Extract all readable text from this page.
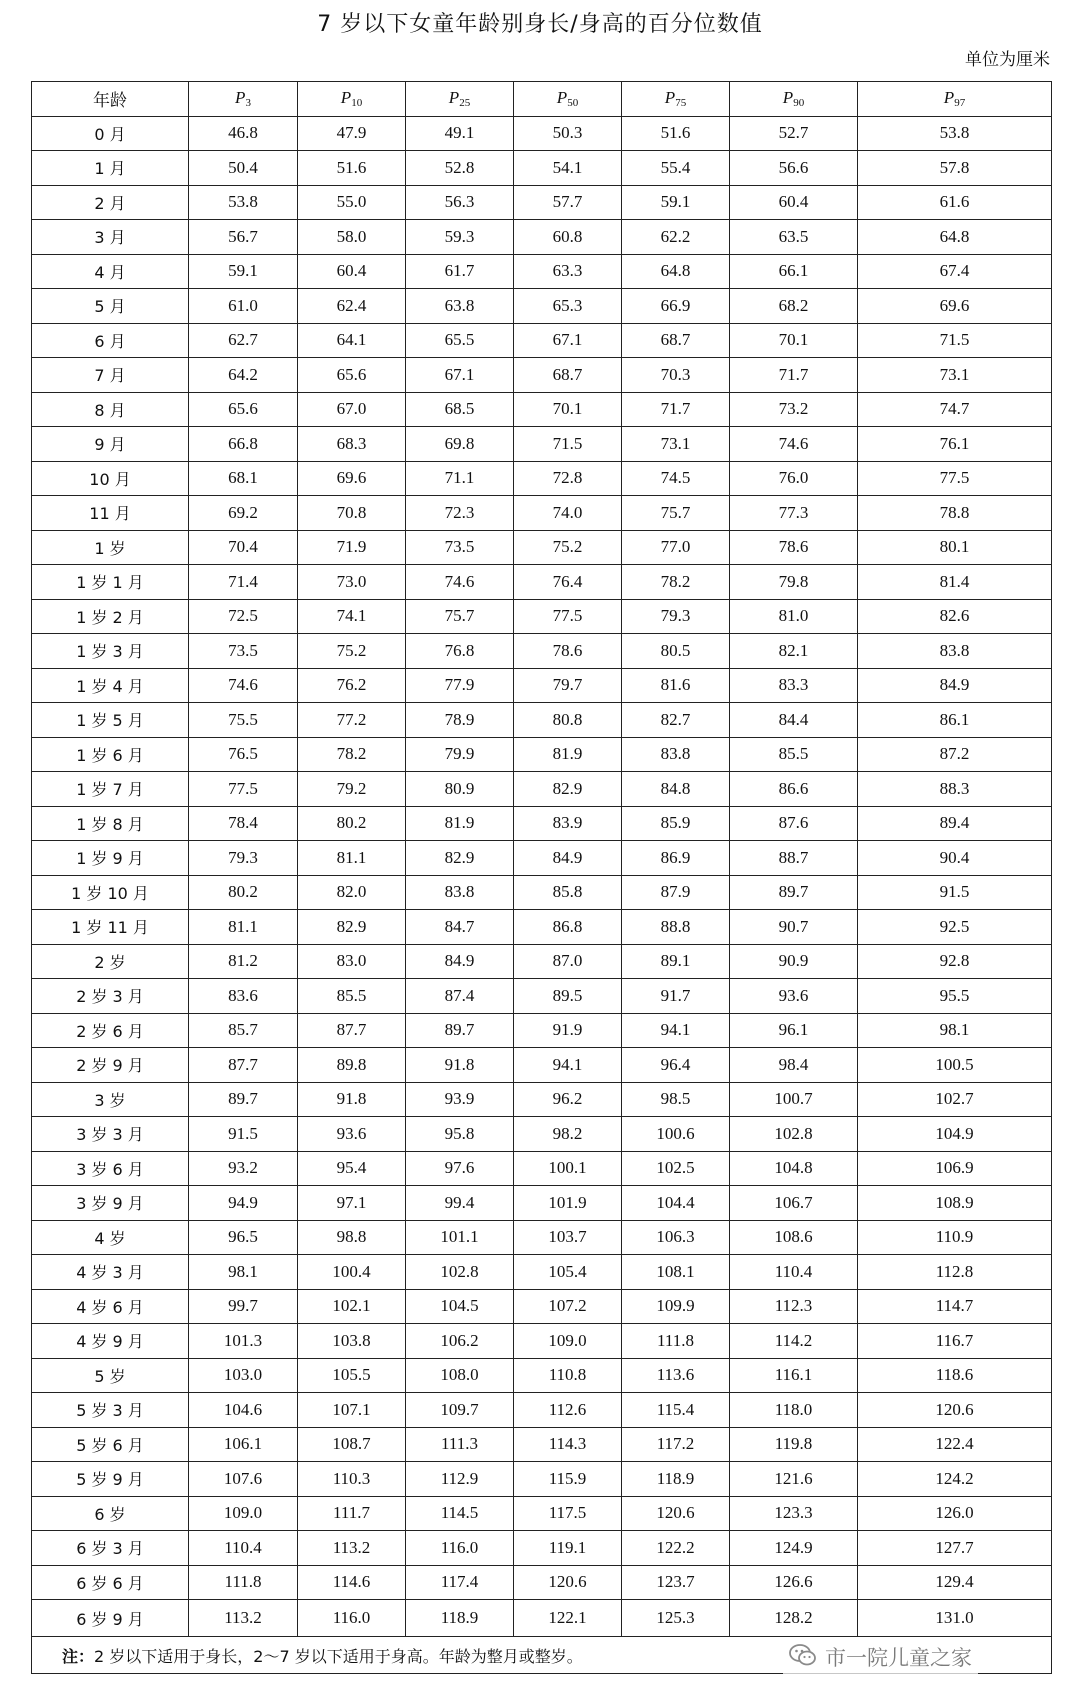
7 岁以下女童年龄别身长/身高的百分位数值
单位为厘米
年龄	$P_3$	$P_{10}$	$P_{25}$	$P_{50}$	$P_{75}$	$P_{90}$	$P_{97}$
0 月	46.8	47.9	49.1	50.3	51.6	52.7	53.8
1 月	50.4	51.6	52.8	54.1	55.4	56.6	57.8
2 月	53.8	55.0	56.3	57.7	59.1	60.4	61.6
3 月	56.7	58.0	59.3	60.8	62.2	63.5	64.8
4 月	59.1	60.4	61.7	63.3	64.8	66.1	67.4
5 月	61.0	62.4	63.8	65.3	66.9	68.2	69.6
6 月	62.7	64.1	65.5	67.1	68.7	70.1	71.5
7 月	64.2	65.6	67.1	68.7	70.3	71.7	73.1
8 月	65.6	67.0	68.5	70.1	71.7	73.2	74.7
9 月	66.8	68.3	69.8	71.5	73.1	74.6	76.1
10 月	68.1	69.6	71.1	72.8	74.5	76.0	77.5
11 月	69.2	70.8	72.3	74.0	75.7	77.3	78.8
1 岁	70.4	71.9	73.5	75.2	77.0	78.6	80.1
1 岁 1 月	71.4	73.0	74.6	76.4	78.2	79.8	81.4
1 岁 2 月	72.5	74.1	75.7	77.5	79.3	81.0	82.6
1 岁 3 月	73.5	75.2	76.8	78.6	80.5	82.1	83.8
1 岁 4 月	74.6	76.2	77.9	79.7	81.6	83.3	84.9
1 岁 5 月	75.5	77.2	78.9	80.8	82.7	84.4	86.1
1 岁 6 月	76.5	78.2	79.9	81.9	83.8	85.5	87.2
1 岁 7 月	77.5	79.2	80.9	82.9	84.8	86.6	88.3
1 岁 8 月	78.4	80.2	81.9	83.9	85.9	87.6	89.4
1 岁 9 月	79.3	81.1	82.9	84.9	86.9	88.7	90.4
1 岁 10 月	80.2	82.0	83.8	85.8	87.9	89.7	91.5
1 岁 11 月	81.1	82.9	84.7	86.8	88.8	90.7	92.5
2 岁	81.2	83.0	84.9	87.0	89.1	90.9	92.8
2 岁 3 月	83.6	85.5	87.4	89.5	91.7	93.6	95.5
2 岁 6 月	85.7	87.7	89.7	91.9	94.1	96.1	98.1
2 岁 9 月	87.7	89.8	91.8	94.1	96.4	98.4	100.5
3 岁	89.7	91.8	93.9	96.2	98.5	100.7	102.7
3 岁 3 月	91.5	93.6	95.8	98.2	100.6	102.8	104.9
3 岁 6 月	93.2	95.4	97.6	100.1	102.5	104.8	106.9
3 岁 9 月	94.9	97.1	99.4	101.9	104.4	106.7	108.9
4 岁	96.5	98.8	101.1	103.7	106.3	108.6	110.9
4 岁 3 月	98.1	100.4	102.8	105.4	108.1	110.4	112.8
4 岁 6 月	99.7	102.1	104.5	107.2	109.9	112.3	114.7
4 岁 9 月	101.3	103.8	106.2	109.0	111.8	114.2	116.7
5 岁	103.0	105.5	108.0	110.8	113.6	116.1	118.6
5 岁 3 月	104.6	107.1	109.7	112.6	115.4	118.0	120.6
5 岁 6 月	106.1	108.7	111.3	114.3	117.2	119.8	122.4
5 岁 9 月	107.6	110.3	112.9	115.9	118.9	121.6	124.2
6 岁	109.0	111.7	114.5	117.5	120.6	123.3	126.0
6 岁 3 月	110.4	113.2	116.0	119.1	122.2	124.9	127.7
6 岁 6 月	111.8	114.6	117.4	120.6	123.7	126.6	129.4
6 岁 9 月	113.2	116.0	118.9	122.1	125.3	128.2	131.0
注：2 岁以下适用于身长，2～7 岁以下适用于身高。年龄为整月或整岁。								市一院儿童之家
